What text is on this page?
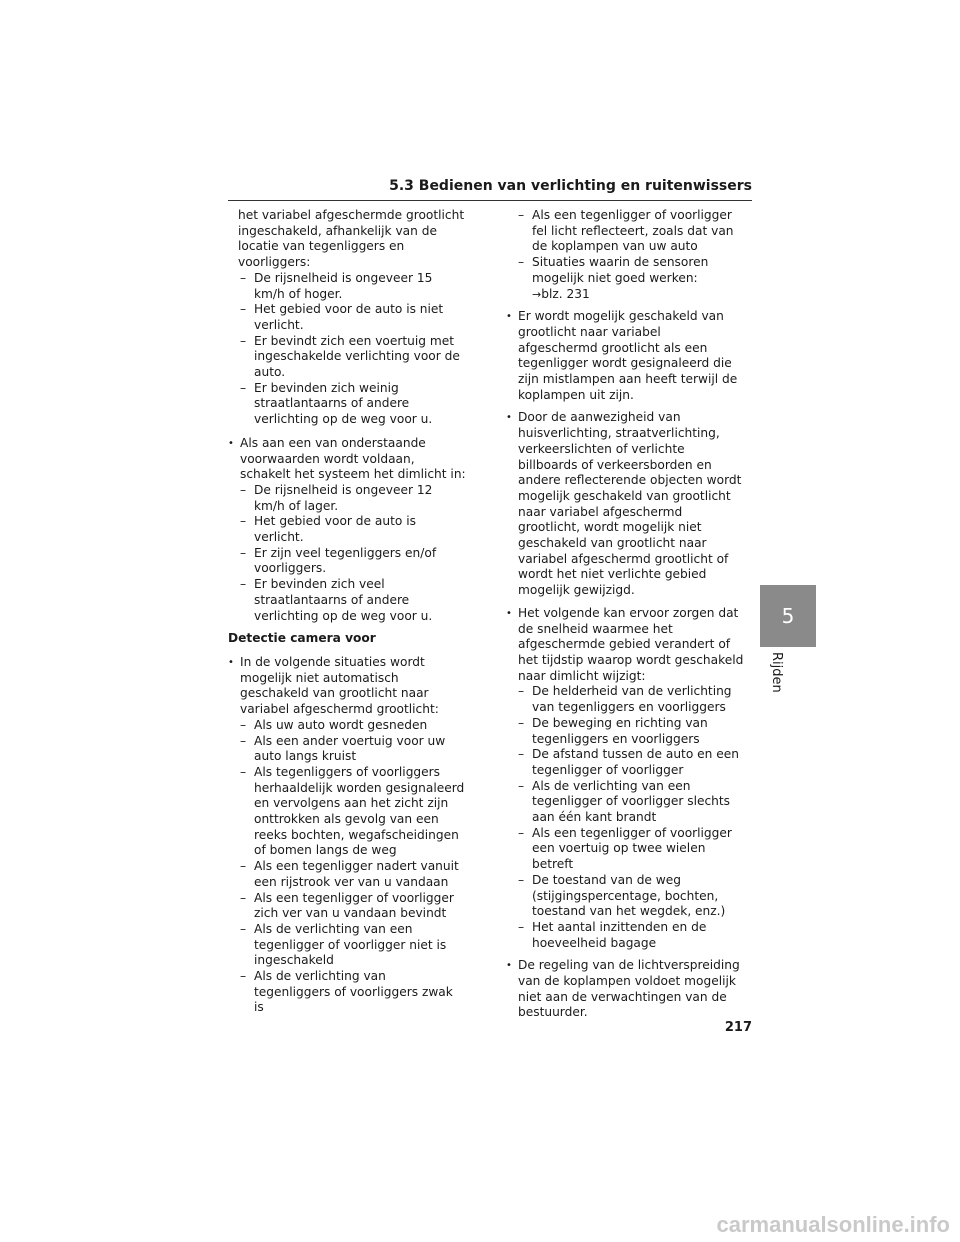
5.3 Bedienen van verlichting en ruitenwissers

het variabel afgeschermde grootlicht ingeschakeld, afhankelijk van de locatie van tegenliggers en voorliggers:

– De rijsnelheid is ongeveer 15 km/h of hoger.
– Het gebied voor de auto is niet verlicht.
– Er bevindt zich een voertuig met ingeschakelde verlichting voor de auto.
– Er bevinden zich weinig straatlantaarns of andere verlichting op de weg voor u.
• Als aan een van onderstaande voorwaarden wordt voldaan, schakelt het systeem het dimlicht in:
– De rijsnelheid is ongeveer 12 km/h of lager.
– Het gebied voor de auto is verlicht.
– Er zijn veel tegenliggers en/of voorliggers.
– Er bevinden zich veel straatlantaarns of andere verlichting op de weg voor u.
Detectie camera voor
• In de volgende situaties wordt mogelijk niet automatisch geschakeld van grootlicht naar variabel afgeschermd grootlicht:
– Als uw auto wordt gesneden
– Als een ander voertuig voor uw auto langs kruist
– Als tegenliggers of voorliggers herhaaldelijk worden gesignaleerd en vervolgens aan het zicht zijn onttrokken als gevolg van een reeks bochten, wegafscheidingen of bomen langs de weg
– Als een tegenligger nadert vanuit een rijstrook ver van u vandaan
– Als een tegenligger of voorligger zich ver van u vandaan bevindt
– Als de verlichting van een tegenligger of voorligger niet is ingeschakeld
– Als de verlichting van tegenliggers of voorliggers zwak is
– Als een tegenligger of voorligger fel licht reflecteert, zoals dat van de koplampen van uw auto
– Situaties waarin de sensoren mogelijk niet goed werken:
→blz. 231
• Er wordt mogelijk geschakeld van grootlicht naar variabel afgeschermd grootlicht als een tegenligger wordt gesignaleerd die zijn mistlampen aan heeft terwijl de koplampen uit zijn.
• Door de aanwezigheid van huisverlichting, straatverlichting, verkeerslichten of verlichte billboards of verkeersborden en andere reflecterende objecten wordt mogelijk geschakeld van grootlicht naar variabel afgeschermd grootlicht, wordt mogelijk niet geschakeld van grootlicht naar variabel afgeschermd grootlicht of wordt het niet verlichte gebied mogelijk gewijzigd.
• Het volgende kan ervoor zorgen dat de snelheid waarmee het afgeschermde gebied verandert of het tijdstip waarop wordt geschakeld naar dimlicht wijzigt:
– De helderheid van de verlichting van tegenliggers en voorliggers
– De beweging en richting van tegenliggers en voorliggers
– De afstand tussen de auto en een tegenligger of voorligger
– Als de verlichting van een tegenligger of voorligger slechts aan één kant brandt
– Als een tegenligger of voorligger een voertuig op twee wielen betreft
– De toestand van de weg (stijgingspercentage, bochten, toestand van het wegdek, enz.)
– Het aantal inzittenden en de hoeveelheid bagage
• De regeling van de lichtverspreiding van de koplampen voldoet mogelijk niet aan de verwachtingen van de bestuurder.
5
Rijden
217
carmanualsonline.info
